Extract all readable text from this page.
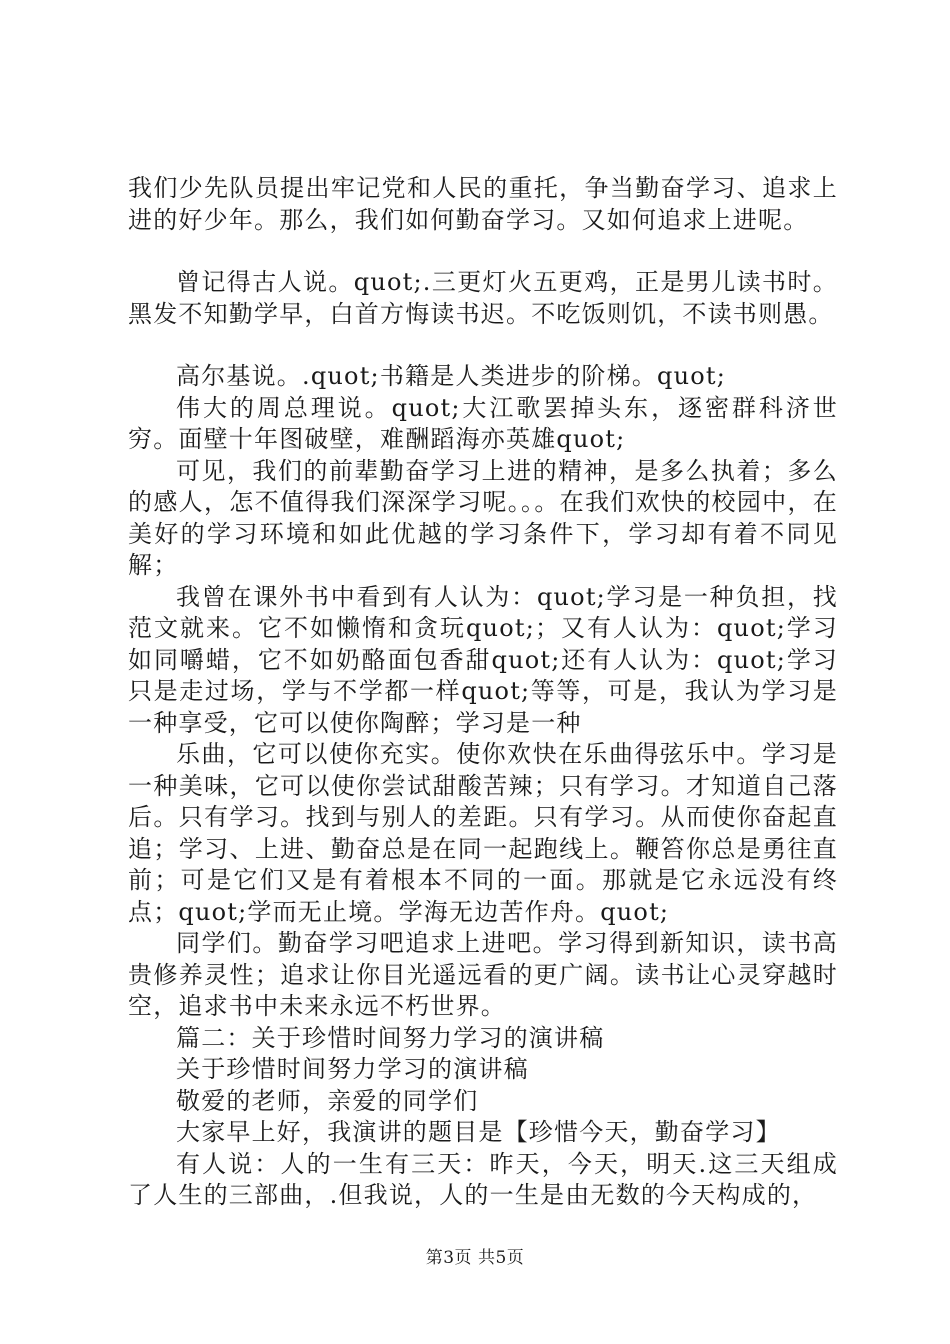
我们少先队员提出牢记党和人民的重托，争当勤奋学习、追求上进的好少年。那么，我们如何勤奋学习。又如何追求上进呢。

曾记得古人说。quot;.三更灯火五更鸡，正是男儿读书时。黑发不知勤学早，白首方悔读书迟。不吃饭则饥，不读书则愚。

高尔基说。.quot;书籍是人类进步的阶梯。quot;

伟大的周总理说。quot;大江歌罢掉头东，逐密群科济世穷。面壁十年图破壁，难酬蹈海亦英雄quot;

可见，我们的前辈勤奋学习上进的精神，是多么执着；多么的感人，怎不值得我们深深学习呢。。。在我们欢快的校园中，在美好的学习环境和如此优越的学习条件下，学习却有着不同见解；

我曾在课外书中看到有人认为：quot;学习是一种负担，找范文就来。它不如懒惰和贪玩quot;；又有人认为：quot;学习如同嚼蜡，它不如奶酪面包香甜quot;还有人认为：quot;学习只是走过场，学与不学都一样quot;等等，可是，我认为学习是一种享受，它可以使你陶醉；学习是一种

乐曲，它可以使你充实。使你欢快在乐曲得弦乐中。学习是一种美味，它可以使你尝试甜酸苦辣；只有学习。才知道自己落后。只有学习。找到与别人的差距。只有学习。从而使你奋起直追；学习、上进、勤奋总是在同一起跑线上。鞭笞你总是勇往直前；可是它们又是有着根本不同的一面。那就是它永远没有终点；quot;学而无止境。学海无边苦作舟。quot;

同学们。勤奋学习吧追求上进吧。学习得到新知识，读书高贵修养灵性；追求让你目光遥远看的更广阔。读书让心灵穿越时空，追求书中未来永远不朽世界。

篇二：关于珍惜时间努力学习的演讲稿

关于珍惜时间努力学习的演讲稿

敬爱的老师，亲爱的同学们

大家早上好，我演讲的题目是【珍惜今天，勤奋学习】

有人说：人的一生有三天：昨天，今天，明天.这三天组成了人生的三部曲，.但我说，人的一生是由无数的今天构成的，

第3页 共5页
